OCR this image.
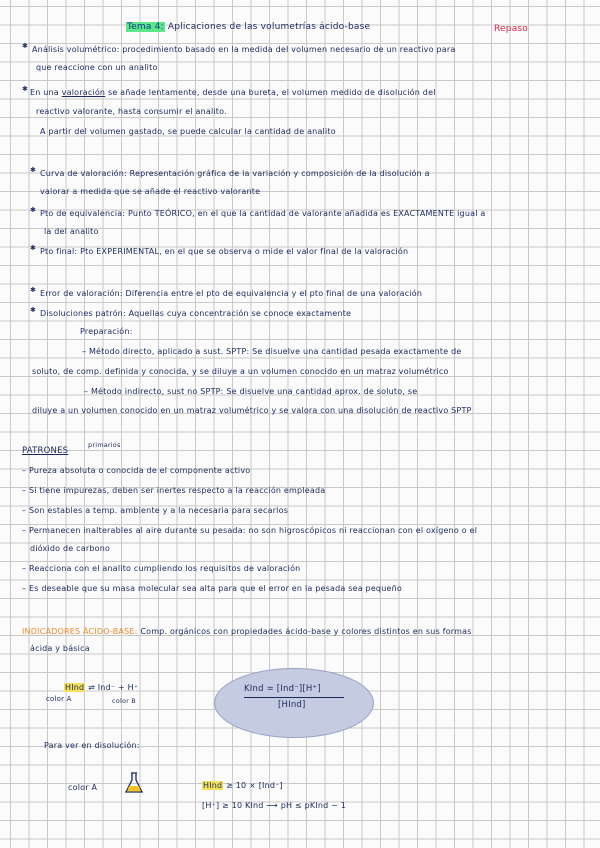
Tema 4: Aplicaciones de las volumetrías ácido-base	Repaso
✱ Análisis volumétrico: procedimiento basado en la medida del volumen necesario de un reactivo para
que reaccione con un analito
✱ En una valoración se añade lentamente, desde una bureta, el volumen medido de disolución del
reactivo valorante, hasta consumir el analito.
A partir del volumen gastado, se puede calcular la cantidad de analito
✱ Curva de valoración: Representación gráfica de la variación y composición de la disolución a
valorar a medida que se añade el reactivo valorante
✱ Pto de equivalencia: Punto TEÓRICO, en el que la cantidad de valorante añadida es EXACTAMENTE igual a
la del analito
✱ Pto final: Pto EXPERIMENTAL, en el que se observa o mide el valor final de la valoración
✱ Error de valoración: Diferencia entre el pto de equivalencia y el pto final de una valoración
✱ Disoluciones patrón: Aquellas cuya concentración se conoce exactamente
Preparación:
– Método directo, aplicado a sust. SPTP: Se disuelve una cantidad pesada exactamente de
soluto, de comp. definida y conocida, y se diluye a un volumen conocido en un matraz volumétrico
– Método indirecto, sust no SPTP: Se disuelve una cantidad aprox. de soluto, se
diluye a un volumen conocido en un matraz volumétrico y se valora con una disolución de reactivo SPTP
PATRONES
primarios
– Pureza absoluta o conocida de el componente activo
– Si tiene impurezas, deben ser inertes respecto a la reacción empleada
– Son estables a temp. ambiente y a la necesaria para secarlos
– Permanecen inalterables al aire durante su pesada: no son higroscópicos ni reaccionan con el oxígeno o el
dióxido de carbono
– Reacciona con el analito cumpliendo los requisitos de valoración
– Es deseable que su masa molecular sea alta para que el error en la pesada sea pequeño
INDICADORES ÁCIDO-BASE: Comp. orgánicos con propiedades ácido-base y colores distintos en sus formas
ácida y básica
HInd ⇌ Ind⁻ + H⁺
color A	color B
KInd = [Ind⁻][H⁺]
[HInd]
Para ver en disolución:
color A	HInd ≥ 10 × [Ind⁻]
[H⁺] ≥ 10 KInd ⟶ pH ≤ pKInd − 1
